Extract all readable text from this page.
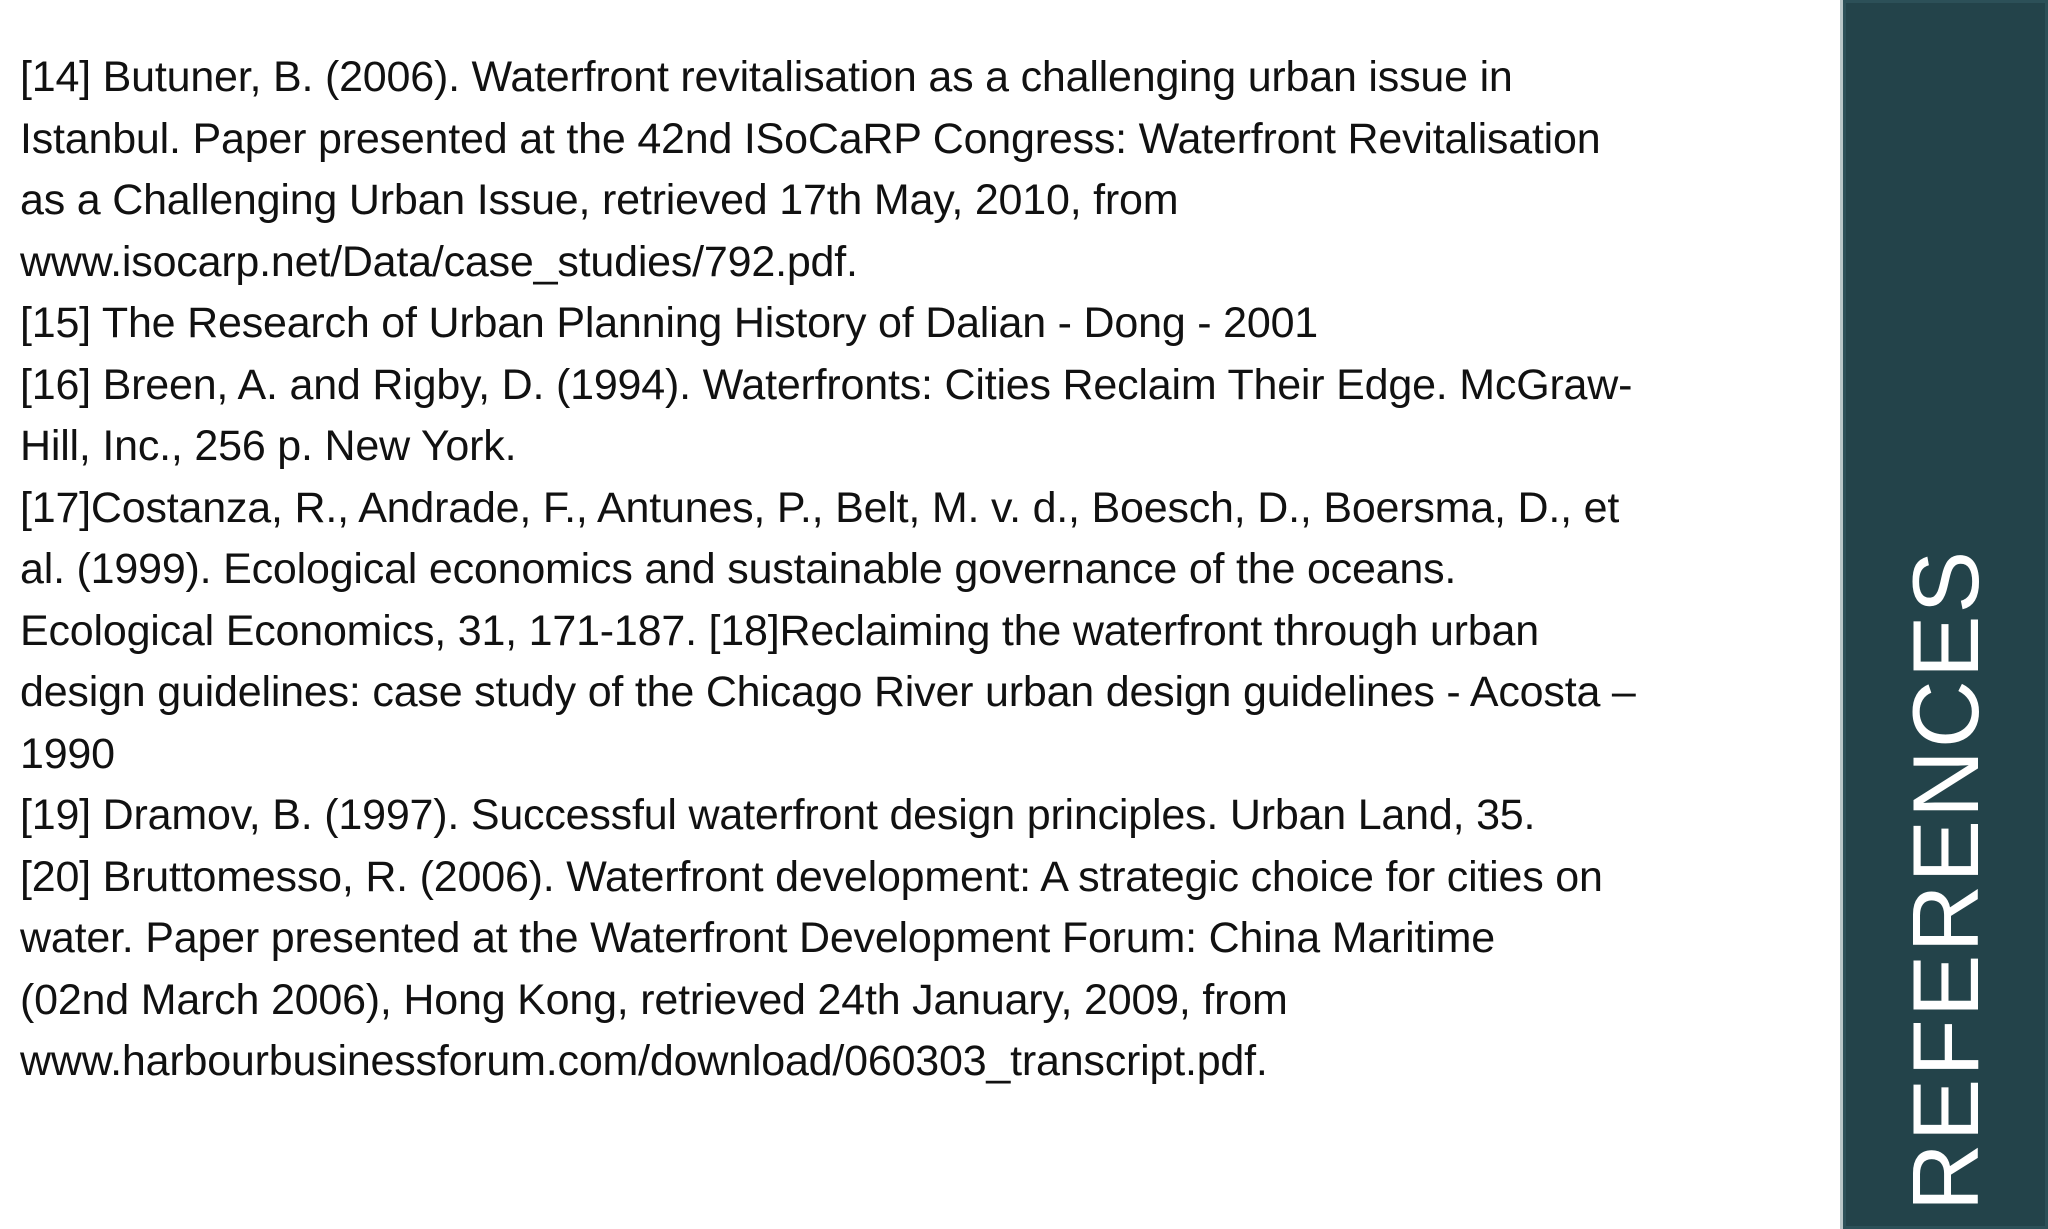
[14] Butuner, B. (2006). Waterfront revitalisation as a challenging urban issue in
Istanbul. Paper presented at the 42nd ISoCaRP Congress: Waterfront Revitalisation
as a Challenging Urban Issue, retrieved 17th May, 2010, from
www.isocarp.net/Data/case_studies/792.pdf.
[15] The Research of Urban Planning History of Dalian - Dong - 2001
[16] Breen, A. and Rigby, D. (1994). Waterfronts: Cities Reclaim Their Edge. McGraw-
Hill, Inc., 256 p. New York.
[17]Costanza, R., Andrade, F., Antunes, P., Belt, M. v. d., Boesch, D., Boersma, D., et
al. (1999). Ecological economics and sustainable governance of the oceans.
Ecological Economics, 31, 171-187. [18]Reclaiming the waterfront through urban
design guidelines: case study of the Chicago River urban design guidelines - Acosta –
1990
[19] Dramov, B. (1997). Successful waterfront design principles. Urban Land, 35.
[20] Bruttomesso, R. (2006). Waterfront development: A strategic choice for cities on
water. Paper presented at the Waterfront Development Forum: China Maritime
(02nd March 2006), Hong Kong, retrieved 24th January, 2009, from
www.harbourbusinessforum.com/download/060303_transcript.pdf.	REFERENCES
